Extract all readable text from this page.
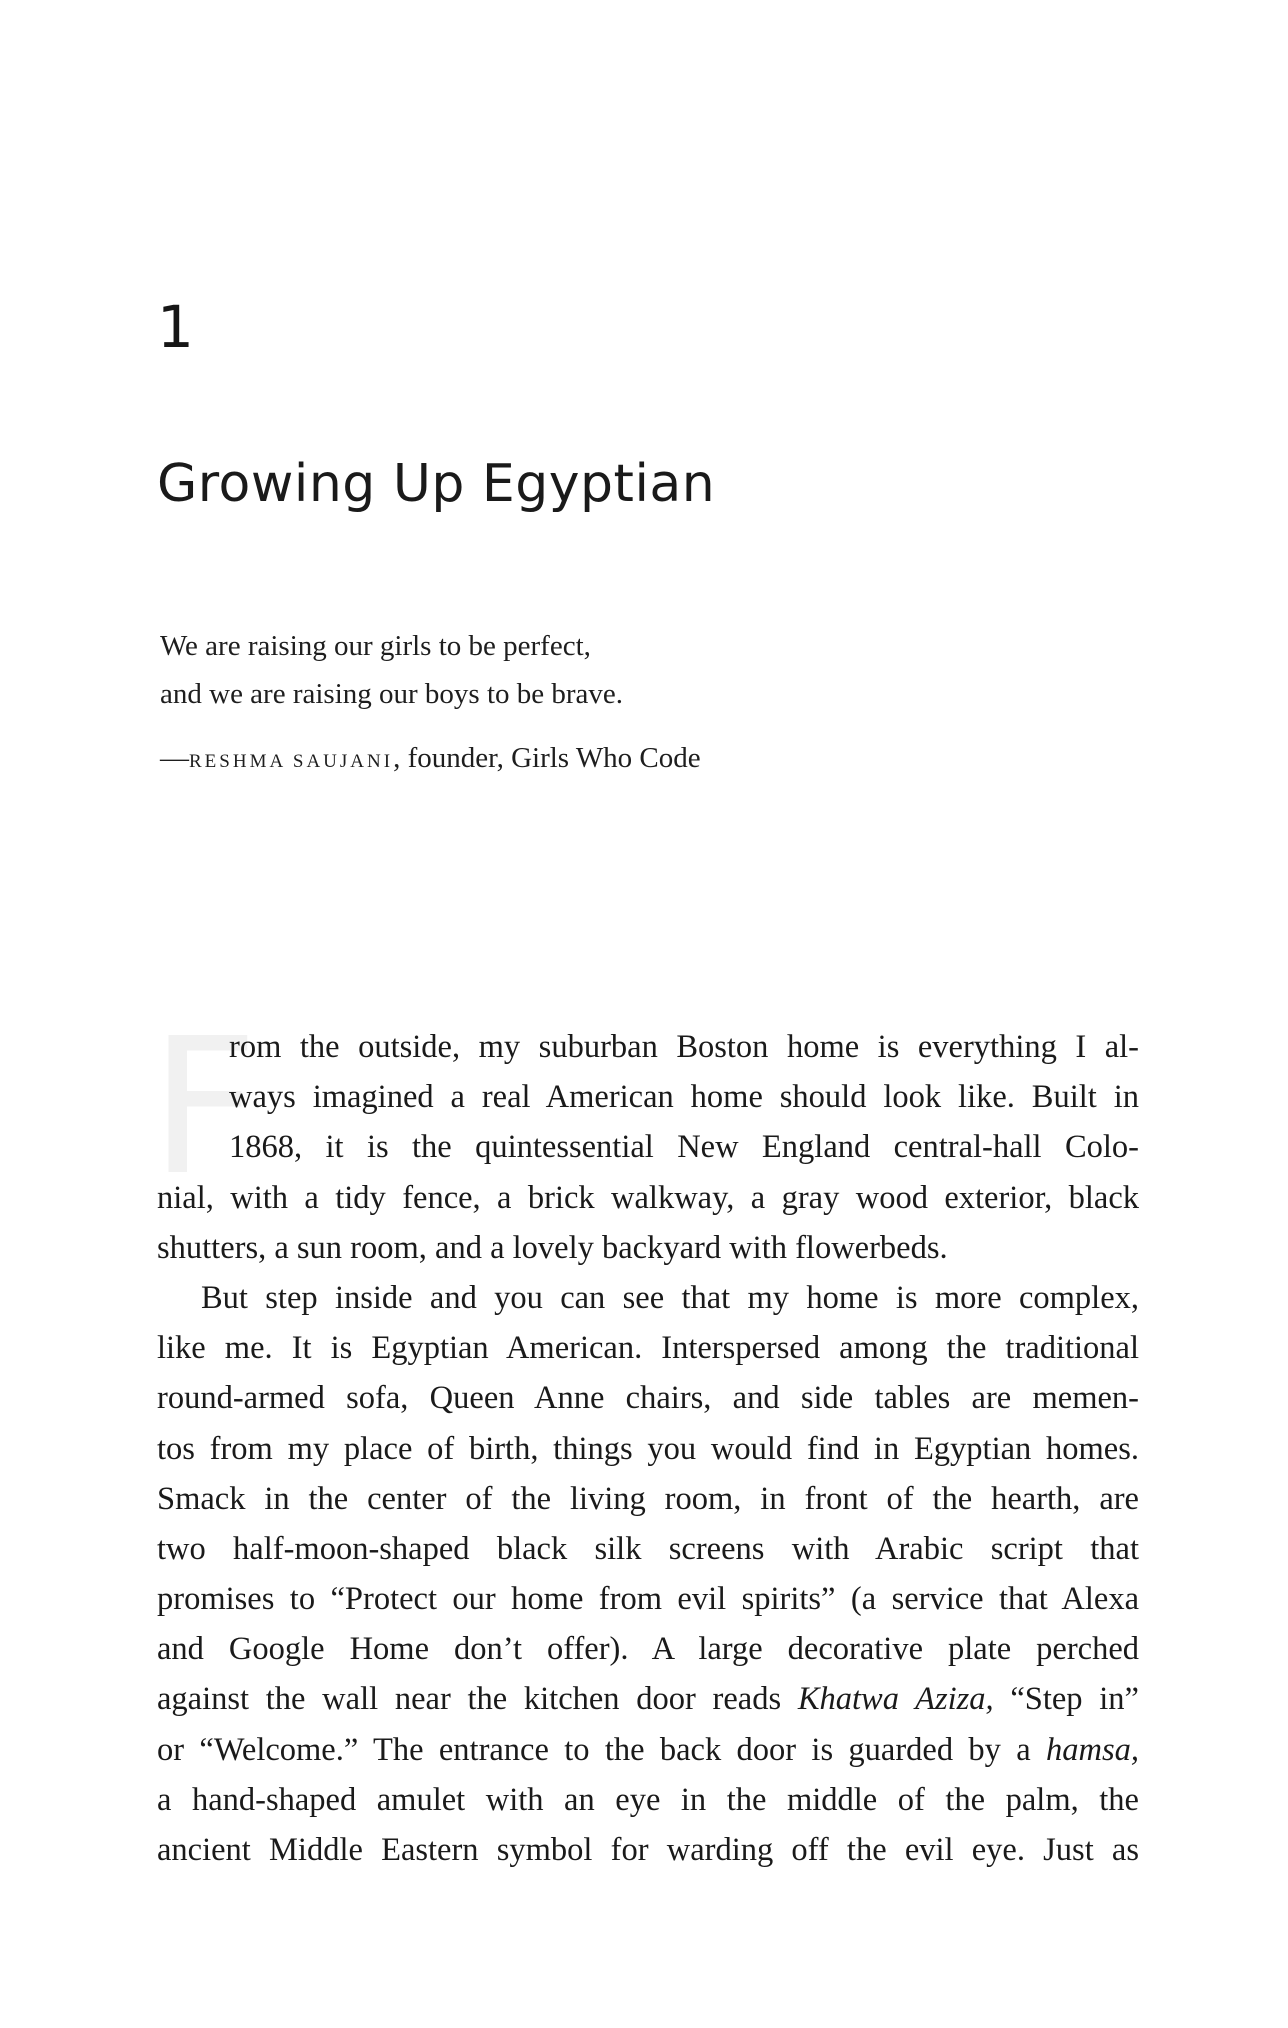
1
Growing Up Egyptian
We are raising our girls to be perfect,
and we are raising our boys to be brave.
—RESHMA SAUJANI, founder, Girls Who Code
F
rom the outside, my suburban Boston home is everything I al-
ways imagined a real American home should look like. Built in
1868, it is the quintessential New England central-hall Colo-
nial, with a tidy fence, a brick walkway, a gray wood exterior, black
shutters, a sun room, and a lovely backyard with flowerbeds.
But step inside and you can see that my home is more complex,
like me. It is Egyptian American. Interspersed among the traditional
round-armed sofa, Queen Anne chairs, and side tables are memen-
tos from my place of birth, things you would find in Egyptian homes.
Smack in the center of the living room, in front of the hearth, are
two half-moon-shaped black silk screens with Arabic script that
promises to “Protect our home from evil spirits” (a service that Alexa
and Google Home don’t offer). A large decorative plate perched
against the wall near the kitchen door reads Khatwa Aziza, “Step in”
or “Welcome.” The entrance to the back door is guarded by a hamsa,
a hand-shaped amulet with an eye in the middle of the palm, the
ancient Middle Eastern symbol for warding off the evil eye. Just as
